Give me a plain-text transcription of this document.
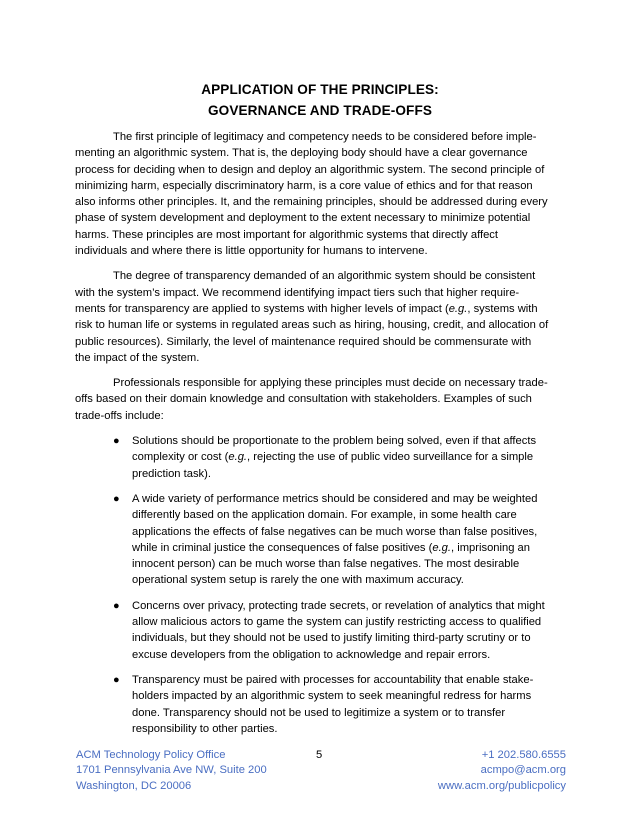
APPLICATION OF THE PRINCIPLES:
GOVERNANCE AND TRADE-OFFS

The first principle of legitimacy and competency needs to be considered before imple-
menting an algorithmic system. That is, the deploying body should have a clear governance
process for deciding when to design and deploy an algorithmic system. The second principle of
minimizing harm, especially discriminatory harm, is a core value of ethics and for that reason
also informs other principles. It, and the remaining principles, should be addressed during every
phase of system development and deployment to the extent necessary to minimize potential
harms. These principles are most important for algorithmic systems that directly affect
individuals and where there is little opportunity for humans to intervene.

The degree of transparency demanded of an algorithmic system should be consistent
with the system’s impact. We recommend identifying impact tiers such that higher require-
ments for transparency are applied to systems with higher levels of impact (e.g., systems with
risk to human life or systems in regulated areas such as hiring, housing, credit, and allocation of
public resources). Similarly, the level of maintenance required should be commensurate with
the impact of the system.

Professionals responsible for applying these principles must decide on necessary trade-
offs based on their domain knowledge and consultation with stakeholders. Examples of such
trade-offs include:

● Solutions should be proportionate to the problem being solved, even if that affects
complexity or cost (e.g., rejecting the use of public video surveillance for a simple
prediction task).
● A wide variety of performance metrics should be considered and may be weighted
differently based on the application domain. For example, in some health care
applications the effects of false negatives can be much worse than false positives,
while in criminal justice the consequences of false positives (e.g., imprisoning an
innocent person) can be much worse than false negatives. The most desirable
operational system setup is rarely the one with maximum accuracy.
● Concerns over privacy, protecting trade secrets, or revelation of analytics that might
allow malicious actors to game the system can justify restricting access to qualified
individuals, but they should not be used to justify limiting third-party scrutiny or to
excuse developers from the obligation to acknowledge and repair errors.
● Transparency must be paired with processes for accountability that enable stake-
holders impacted by an algorithmic system to seek meaningful redress for harms
done. Transparency should not be used to legitimize a system or to transfer
responsibility to other parties.
ACM Technology Policy Office
1701 Pennsylvania Ave NW, Suite 200
Washington, DC 20006
5	+1 202.580.6555
acmpo@acm.org
www.acm.org/publicpolicy
